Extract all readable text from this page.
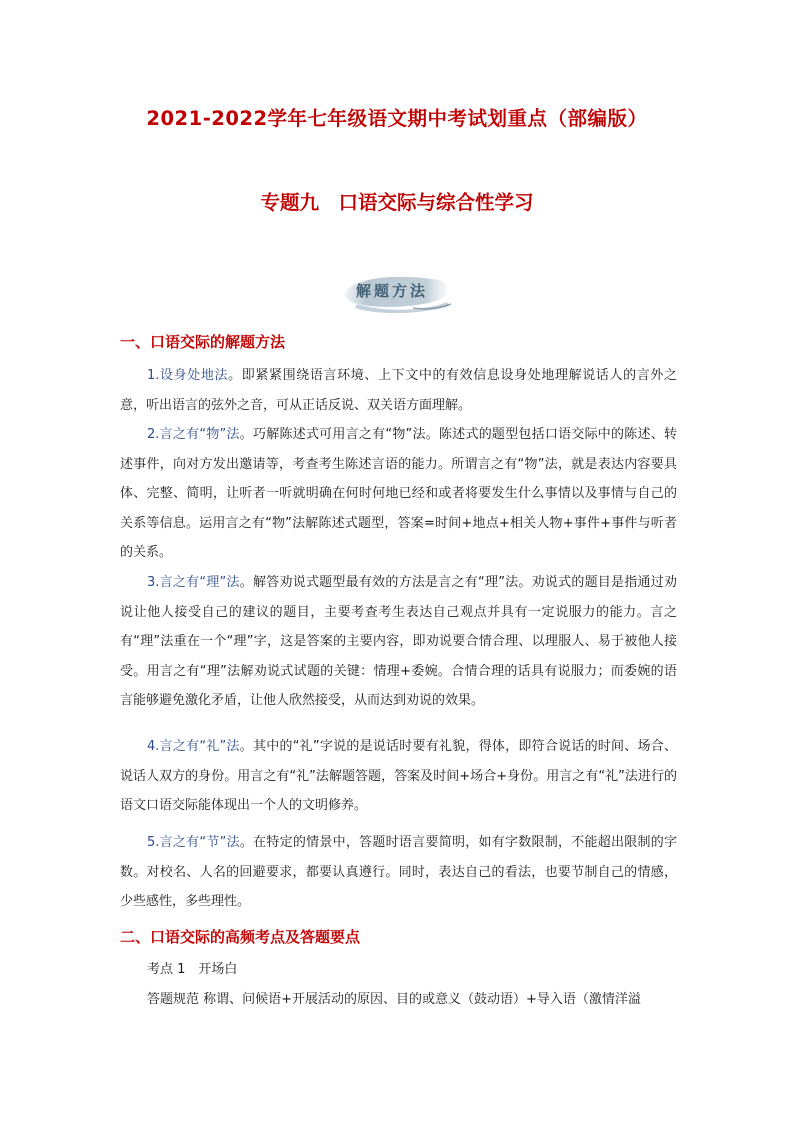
2021-2022学年七年级语文期中考试划重点（部编版）
专题九　口语交际与综合性学习
解题方法
一、口语交际的解题方法
1.设身处地法。即紧紧围绕语言环境、上下文中的有效信息设身处地理解说话人的言外之意，听出语言的弦外之音，可从正话反说、双关语方面理解。
2.言之有“物”法。巧解陈述式可用言之有“物”法。陈述式的题型包括口语交际中的陈述、转述事件，向对方发出邀请等，考查考生陈述言语的能力。所谓言之有“物”法，就是表达内容要具体、完整、简明，让听者一听就明确在何时何地已经和或者将要发生什么事情以及事情与自己的关系等信息。运用言之有“物”法解陈述式题型，答案=时间+地点+相关人物+事件+事件与听者的关系。
3.言之有“理”法。解答劝说式题型最有效的方法是言之有“理”法。劝说式的题目是指通过劝说让他人接受自己的建议的题目，主要考查考生表达自己观点并具有一定说服力的能力。言之有“理”法重在一个“理”字，这是答案的主要内容，即劝说要合情合理、以理服人、易于被他人接受。用言之有“理”法解劝说式试题的关键：情理+委婉。合情合理的话具有说服力；而委婉的语言能够避免激化矛盾，让他人欣然接受，从而达到劝说的效果。
4.言之有“礼”法。其中的“礼”字说的是说话时要有礼貌，得体，即符合说话的时间、场合、说话人双方的身份。用言之有“礼”法解题答题，答案及时间+场合+身份。用言之有“礼”法进行的语文口语交际能体现出一个人的文明修养。
5.言之有“节”法。在特定的情景中，答题时语言要简明，如有字数限制，不能超出限制的字数。对校名、人名的回避要求，都要认真遵行。同时，表达自己的看法，也要节制自己的情感，少些感性，多些理性。
二、口语交际的高频考点及答题要点
考点 1　开场白
答题规范 称谓、问候语+开展活动的原因、目的或意义（鼓动语）+导入语（激情洋溢
